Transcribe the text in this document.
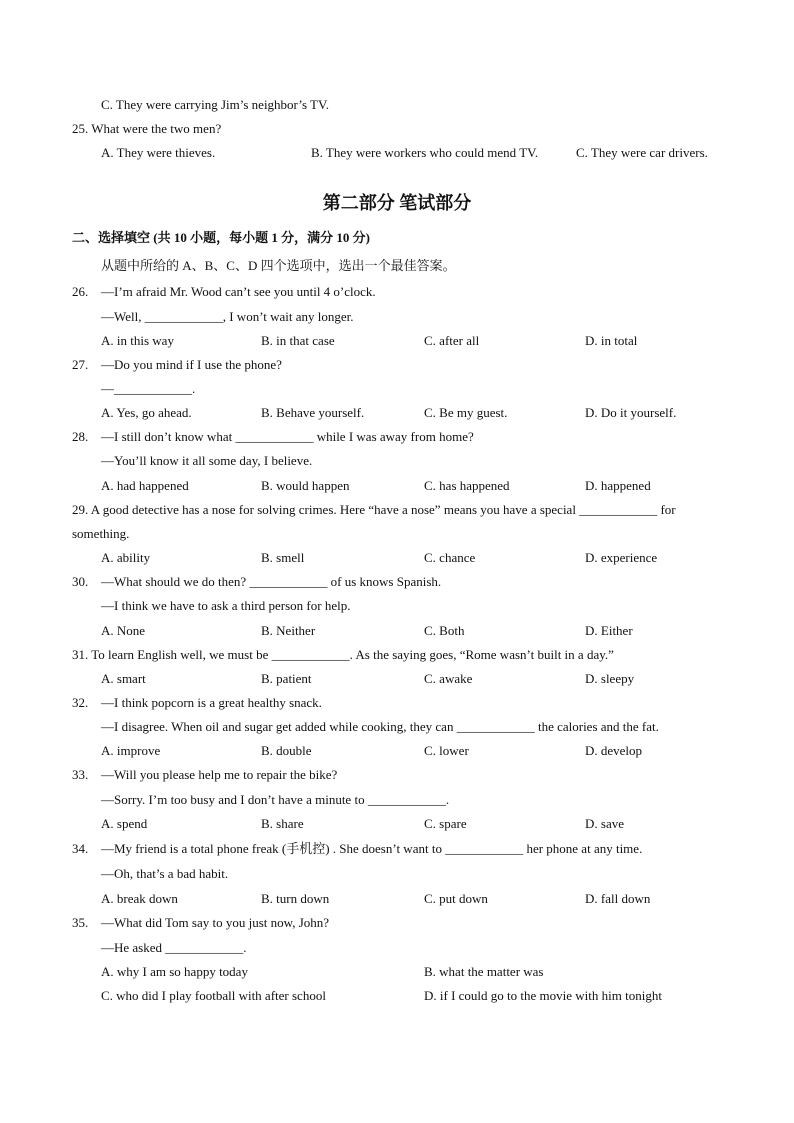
C. They were carrying Jim’s neighbor’s TV.
25. What were the two men?
A. They were thieves.	B. They were workers who could mend TV.	C. They were car drivers.
第二部分 笔试部分
二、选择填空 (共 10 小题，每小题 1 分，满分 10 分)
从题中所给的 A、B、C、D 四个选项中，选出一个最佳答案。
26. —I’m afraid Mr. Wood can’t see you until 4 o’clock.
—Well, ____________, I won’t wait any longer.
A. in this way	B. in that case	C. after all	D. in total
27. —Do you mind if I use the phone?
—____________.
A. Yes, go ahead.	B. Behave yourself.	C. Be my guest.	D. Do it yourself.
28. —I still don’t know what ____________ while I was away from home?
—You’ll know it all some day, I believe.
A. had happened	B. would happen	C. has happened	D. happened
29. A good detective has a nose for solving crimes. Here “have a nose” means you have a special ____________ for
something.
A. ability	B. smell	C. chance	D. experience
30. —What should we do then? ____________ of us knows Spanish.
—I think we have to ask a third person for help.
A. None	B. Neither	C. Both	D. Either
31. To learn English well, we must be ____________. As the saying goes, “Rome wasn’t built in a day.”
A. smart	B. patient	C. awake	D. sleepy
32. —I think popcorn is a great healthy snack.
—I disagree. When oil and sugar get added while cooking, they can ____________ the calories and the fat.
A. improve	B. double	C. lower	D. develop
33. —Will you please help me to repair the bike?
—Sorry. I’m too busy and I don’t have a minute to ____________.
A. spend	B. share	C. spare	D. save
34. —My friend is a total phone freak (手机控) . She doesn’t want to ____________ her phone at any time.
—Oh, that’s a bad habit.
A. break down	B. turn down	C. put down	D. fall down
35. —What did Tom say to you just now, John?
—He asked ____________.
A. why I am so happy today	B. what the matter was
C. who did I play football with after school	D. if I could go to the movie with him tonight
